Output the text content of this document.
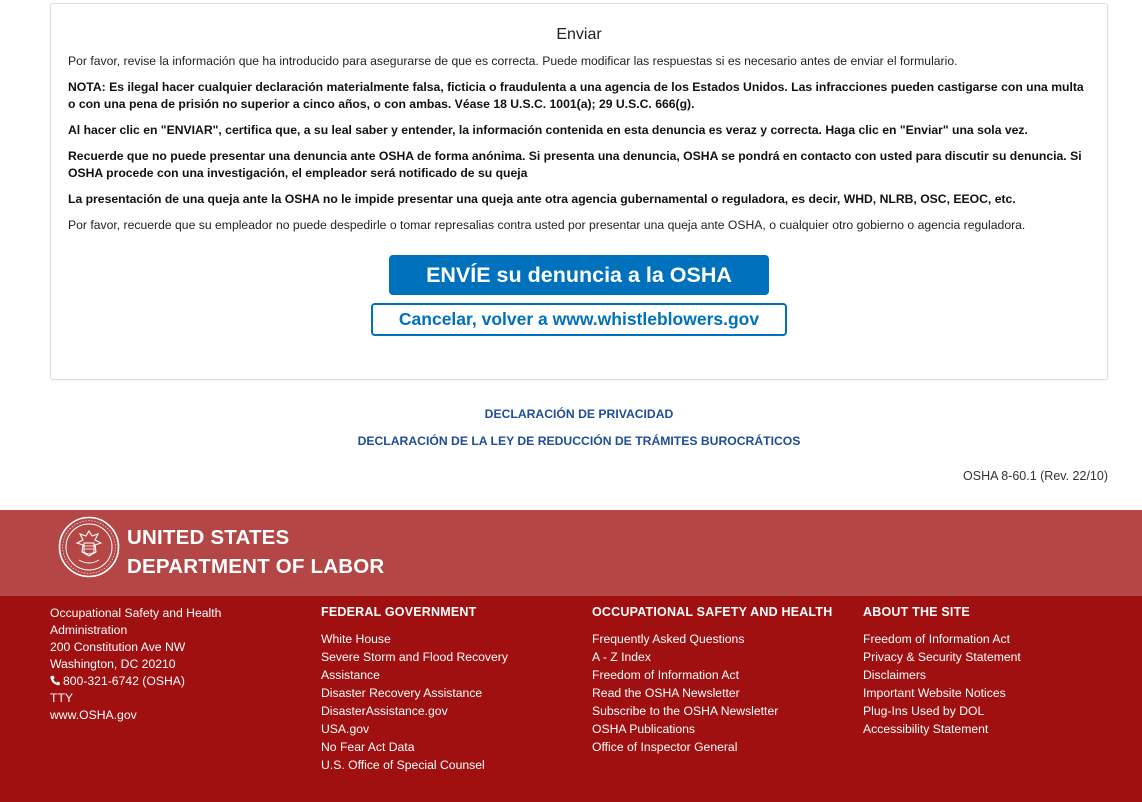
Enviar
Por favor, revise la información que ha introducido para asegurarse de que es correcta. Puede modificar las respuestas si es necesario antes de enviar el formulario.
NOTA: Es ilegal hacer cualquier declaración materialmente falsa, ficticia o fraudulenta a una agencia de los Estados Unidos. Las infracciones pueden castigarse con una multa o con una pena de prisión no superior a cinco años, o con ambas. Véase 18 U.S.C. 1001(a); 29 U.S.C. 666(g).
Al hacer clic en "ENVIAR", certifica que, a su leal saber y entender, la información contenida en esta denuncia es veraz y correcta. Haga clic en "Enviar" una sola vez.
Recuerde que no puede presentar una denuncia ante OSHA de forma anónima. Si presenta una denuncia, OSHA se pondrá en contacto con usted para discutir su denuncia. Si OSHA procede con una investigación, el empleador será notificado de su queja
La presentación de una queja ante la OSHA no le impide presentar una queja ante otra agencia gubernamental o reguladora, es decir, WHD, NLRB, OSC, EEOC, etc.
Por favor, recuerde que su empleador no puede despedirle o tomar represalias contra usted por presentar una queja ante OSHA, o cualquier otro gobierno o agencia reguladora.
ENVÍE su denuncia a la OSHA
Cancelar, volver a www.whistleblowers.gov
DECLARACIÓN DE PRIVACIDAD
DECLARACIÓN DE LA LEY DE REDUCCIÓN DE TRÁMITES BUROCRÁTICOS
OSHA 8-60.1 (Rev. 22/10)
UNITED STATES
DEPARTMENT OF LABOR
Occupational Safety and Health
Administration
200 Constitution Ave NW
Washington, DC 20210
800-321-6742 (OSHA)
TTY
www.OSHA.gov
FEDERAL GOVERNMENT
White House
Severe Storm and Flood Recovery Assistance
Disaster Recovery Assistance
DisasterAssistance.gov
USA.gov
No Fear Act Data
U.S. Office of Special Counsel
OCCUPATIONAL SAFETY AND HEALTH
Frequently Asked Questions
A - Z Index
Freedom of Information Act
Read the OSHA Newsletter
Subscribe to the OSHA Newsletter
OSHA Publications
Office of Inspector General
ABOUT THE SITE
Freedom of Information Act
Privacy & Security Statement
Disclaimers
Important Website Notices
Plug-Ins Used by DOL
Accessibility Statement
